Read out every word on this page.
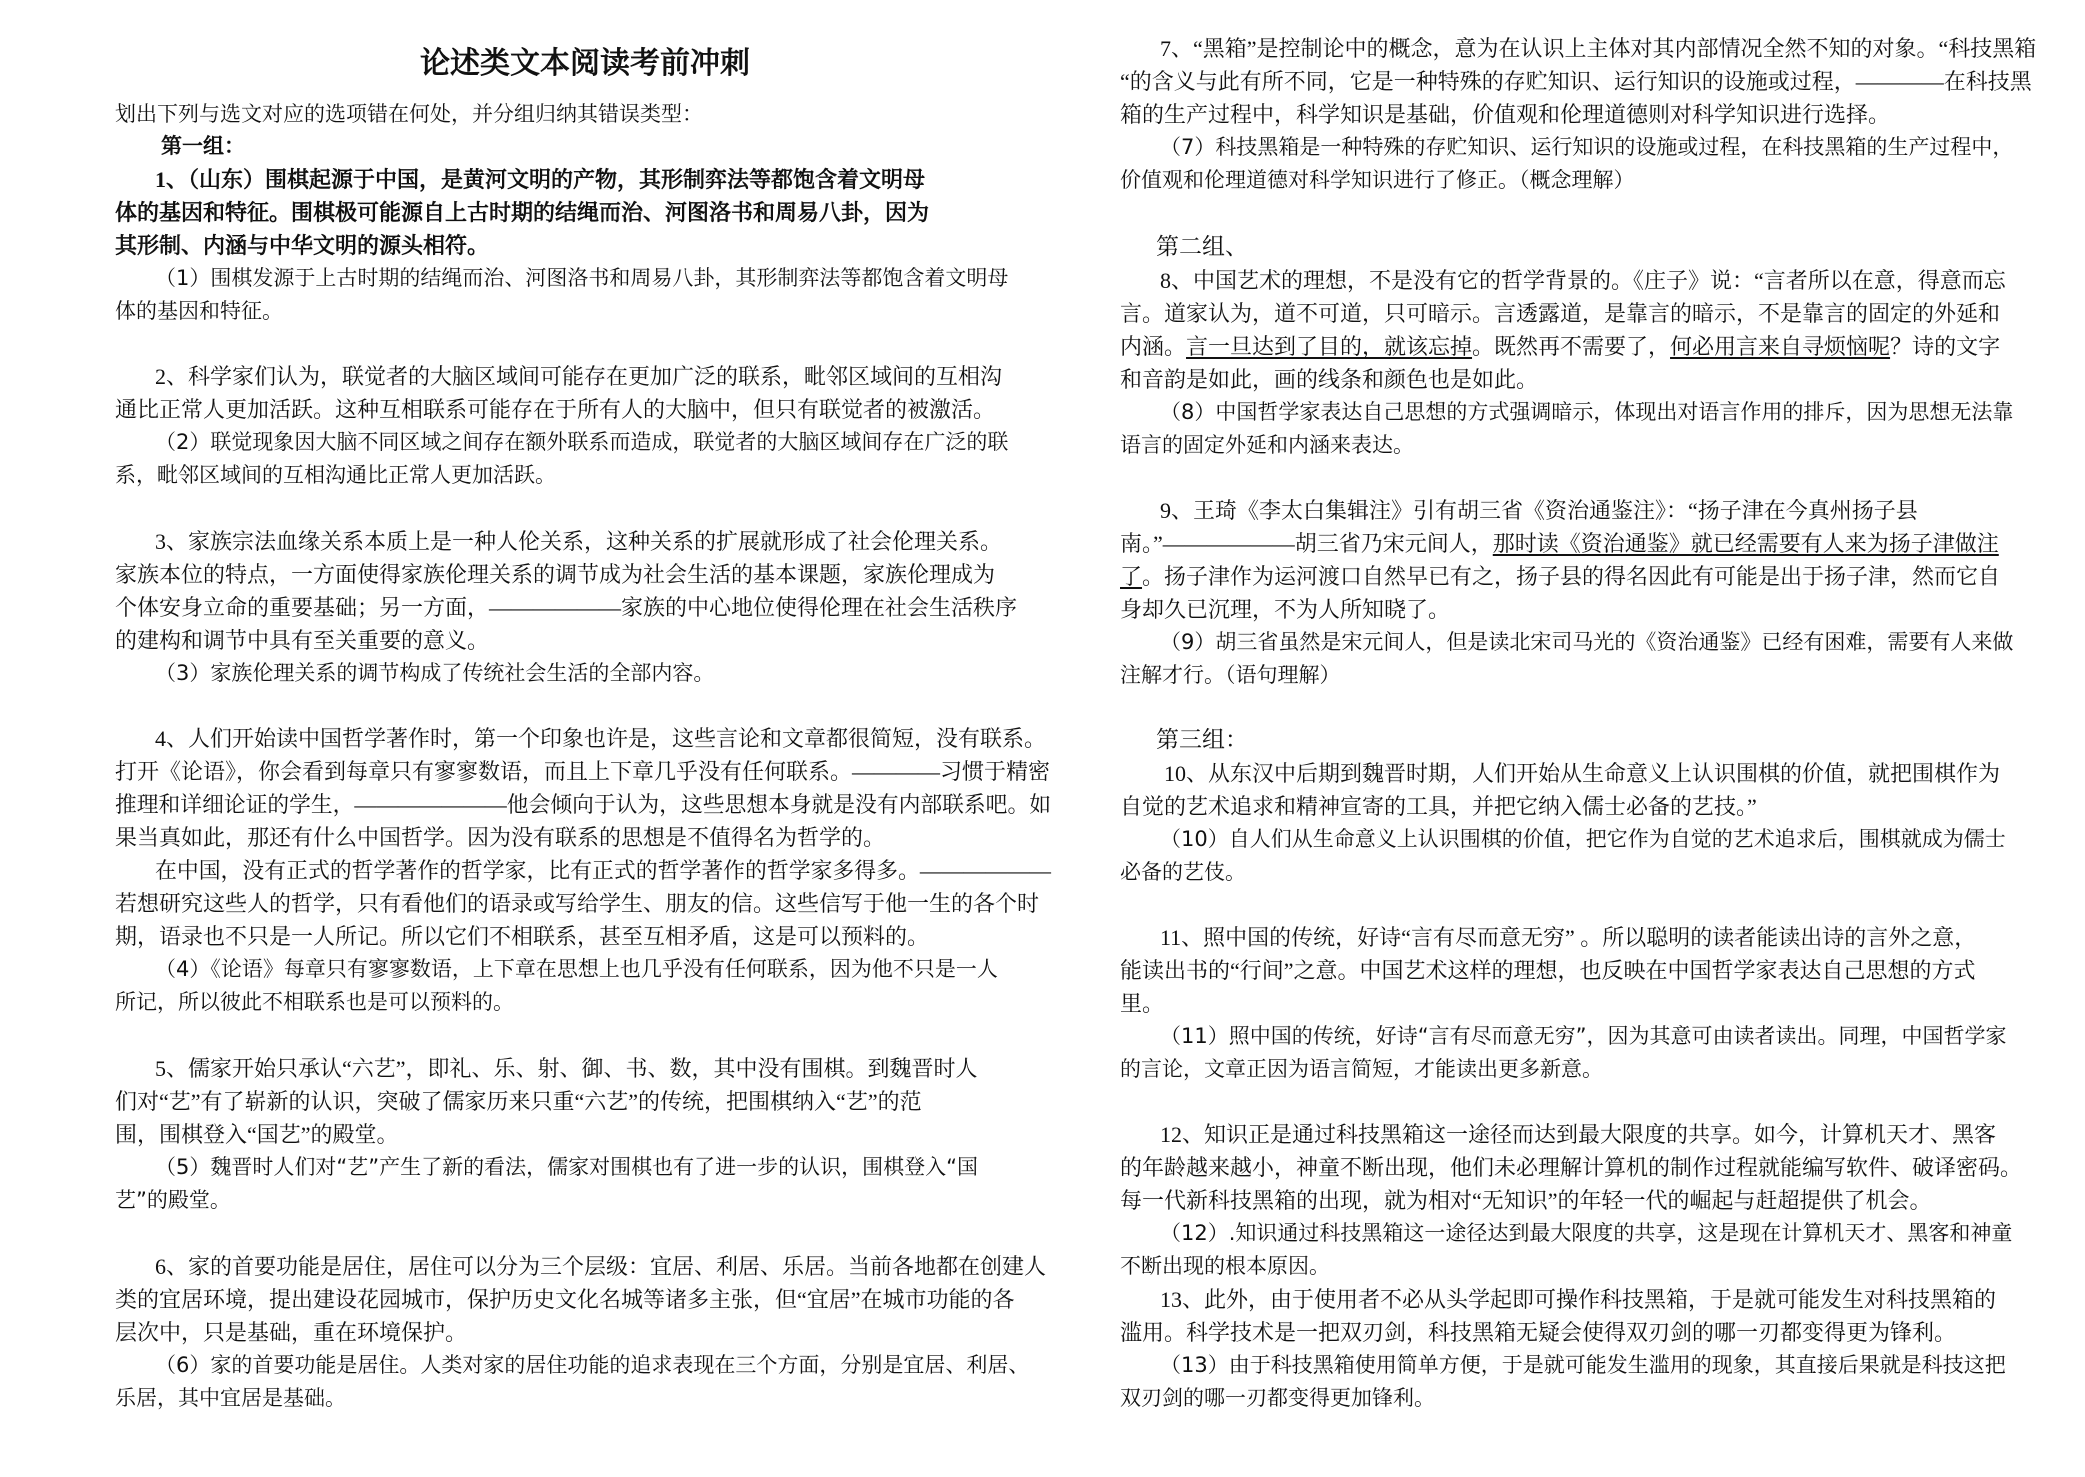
论述类文本阅读考前冲刺

划出下列与选文对应的选项错在何处，并分组归纳其错误类型：

第一组：

1、（山东）围棋起源于中国，是黄河文明的产物，其形制弈法等都饱含着文明母

体的基因和特征。围棋极可能源自上古时期的结绳而治、河图洛书和周易八卦，因为

其形制、内涵与中华文明的源头相符。

（1）围棋发源于上古时期的结绳而治、河图洛书和周易八卦，其形制弈法等都饱含着文明母

体的基因和特征。

2、科学家们认为，联觉者的大脑区域间可能存在更加广泛的联系，毗邻区域间的互相沟

通比正常人更加活跃。这种互相联系可能存在于所有人的大脑中，但只有联觉者的被激活。

（2）联觉现象因大脑不同区域之间存在额外联系而造成，联觉者的大脑区域间存在广泛的联

系，毗邻区域间的互相沟通比正常人更加活跃。

3、家族宗法血缘关系本质上是一种人伦关系，这种关系的扩展就形成了社会伦理关系。

家族本位的特点，一方面使得家族伦理关系的调节成为社会生活的基本课题，家族伦理成为

个体安身立命的重要基础；另一方面，——————家族的中心地位使得伦理在社会生活秩序

的建构和调节中具有至关重要的意义。

（3）家族伦理关系的调节构成了传统社会生活的全部内容。

4、人们开始读中国哲学著作时，第一个印象也许是，这些言论和文章都很简短，没有联系。

打开《论语》，你会看到每章只有寥寥数语，而且上下章几乎没有任何联系。————习惯于精密

推理和详细论证的学生，———————他会倾向于认为，这些思想本身就是没有内部联系吧。如

果当真如此，那还有什么中国哲学。因为没有联系的思想是不值得名为哲学的。

在中国，没有正式的哲学著作的哲学家，比有正式的哲学著作的哲学家多得多。——————

若想研究这些人的哲学，只有看他们的语录或写给学生、朋友的信。这些信写于他一生的各个时

期，语录也不只是一人所记。所以它们不相联系，甚至互相矛盾，这是可以预料的。

（4）《论语》每章只有寥寥数语，上下章在思想上也几乎没有任何联系，因为他不只是一人

所记，所以彼此不相联系也是可以预料的。

5、儒家开始只承认“六艺”，即礼、乐、射、御、书、数，其中没有围棋。到魏晋时人

们对“艺”有了崭新的认识，突破了儒家历来只重“六艺”的传统，把围棋纳入“艺”的范

围，围棋登入“国艺”的殿堂。

（5）魏晋时人们对“艺”产生了新的看法，儒家对围棋也有了进一步的认识，围棋登入“国

艺”的殿堂。

6、家的首要功能是居住，居住可以分为三个层级：宜居、利居、乐居。当前各地都在创建人

类的宜居环境，提出建设花园城市，保护历史文化名城等诸多主张，但“宜居”在城市功能的各

层次中，只是基础，重在环境保护。

（6）家的首要功能是居住。人类对家的居住功能的追求表现在三个方面，分别是宜居、利居、

乐居，其中宜居是基础。

7、“黑箱”是控制论中的概念，意为在认识上主体对其内部情况全然不知的对象。“科技黑箱

“的含义与此有所不同，它是一种特殊的存贮知识、运行知识的设施或过程，————在科技黑

箱的生产过程中，科学知识是基础，价值观和伦理道德则对科学知识进行选择。

（7）科技黑箱是一种特殊的存贮知识、运行知识的设施或过程，在科技黑箱的生产过程中，

价值观和伦理道德对科学知识进行了修正。（概念理解）

第二组、

8、中国艺术的理想，不是没有它的哲学背景的。《庄子》说：“言者所以在意，得意而忘

言。道家认为，道不可道，只可暗示。言透露道，是靠言的暗示，不是靠言的固定的外延和

内涵。言一旦达到了目的，就该忘掉。既然再不需要了，何必用言来自寻烦恼呢？诗的文字

和音韵是如此，画的线条和颜色也是如此。

（8）中国哲学家表达自己思想的方式强调暗示，体现出对语言作用的排斥，因为思想无法靠

语言的固定外延和内涵来表达。

9、王琦《李太白集辑注》引有胡三省《资治通鉴注》：“扬子津在今真州扬子县

南。”——————胡三省乃宋元间人，那时读《资治通鉴》就已经需要有人来为扬子津做注

了。扬子津作为运河渡口自然早已有之，扬子县的得名因此有可能是出于扬子津，然而它自

身却久已沉理，不为人所知晓了。

（9）胡三省虽然是宋元间人，但是读北宋司马光的《资治通鉴》已经有困难，需要有人来做

注解才行。（语句理解）

第三组：

10、从东汉中后期到魏晋时期，人们开始从生命意义上认识围棋的价值，就把围棋作为

自觉的艺术追求和精神宣寄的工具，并把它纳入儒士必备的艺技。”

（10）自人们从生命意义上认识围棋的价值，把它作为自觉的艺术追求后，围棋就成为儒士

必备的艺伎。

11、照中国的传统，好诗“言有尽而意无穷” 。所以聪明的读者能读出诗的言外之意，

能读出书的“行间”之意。中国艺术这样的理想，也反映在中国哲学家表达自己思想的方式

里。

（11）照中国的传统，好诗“言有尽而意无穷”，因为其意可由读者读出。同理，中国哲学家

的言论，文章正因为语言简短，才能读出更多新意。

12、知识正是通过科技黑箱这一途径而达到最大限度的共享。如今，计算机天才、黑客

的年龄越来越小，神童不断出现，他们未必理解计算机的制作过程就能编写软件、破译密码。

每一代新科技黑箱的出现，就为相对“无知识”的年轻一代的崛起与赶超提供了机会。

（12）.知识通过科技黑箱这一途径达到最大限度的共享，这是现在计算机天才、黑客和神童

不断出现的根本原因。

13、此外，由于使用者不必从头学起即可操作科技黑箱，于是就可能发生对科技黑箱的

滥用。科学技术是一把双刃剑，科技黑箱无疑会使得双刃剑的哪一刃都变得更为锋利。

（13）由于科技黑箱使用简单方便，于是就可能发生滥用的现象，其直接后果就是科技这把

双刃剑的哪一刃都变得更加锋利。
